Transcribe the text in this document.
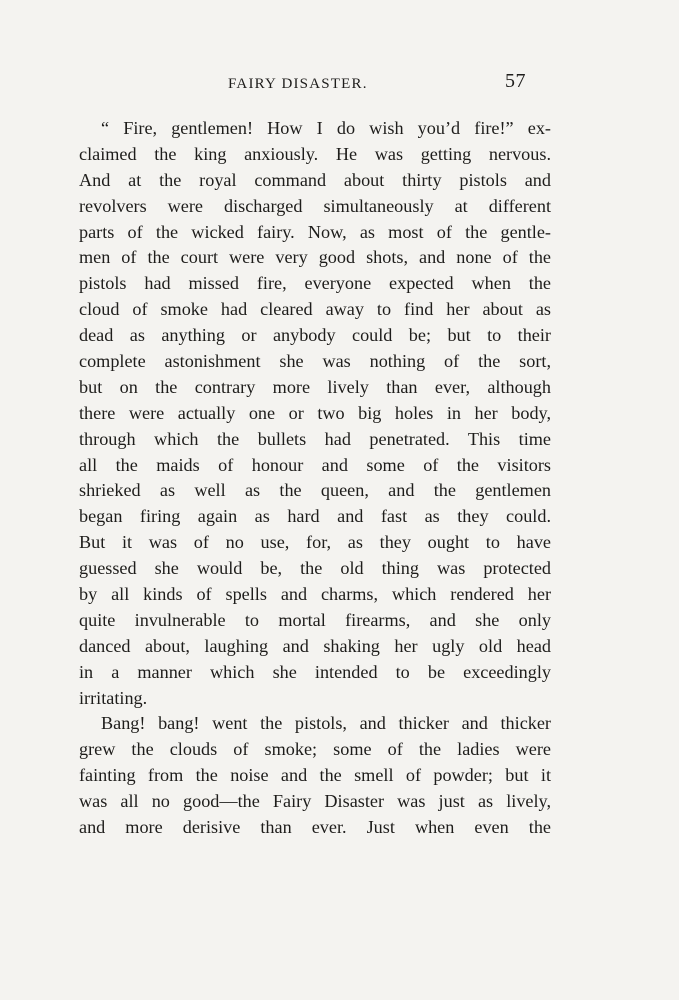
FAIRY DISASTER.	57
“ Fire, gentlemen! How I do wish you’d fire!” ex-
claimed the king anxiously. He was getting nervous.
And at the royal command about thirty pistols and
revolvers were discharged simultaneously at different
parts of the wicked fairy. Now, as most of the gentle-
men of the court were very good shots, and none of the
pistols had missed fire, everyone expected when the
cloud of smoke had cleared away to find her about as
dead as anything or anybody could be; but to their
complete astonishment she was nothing of the sort,
but on the contrary more lively than ever, although
there were actually one or two big holes in her body,
through which the bullets had penetrated. This time
all the maids of honour and some of the visitors
shrieked as well as the queen, and the gentlemen
began firing again as hard and fast as they could.
But it was of no use, for, as they ought to have
guessed she would be, the old thing was protected
by all kinds of spells and charms, which rendered her
quite invulnerable to mortal firearms, and she only
danced about, laughing and shaking her ugly old head
in a manner which she intended to be exceedingly
irritating.
Bang! bang! went the pistols, and thicker and thicker
grew the clouds of smoke; some of the ladies were
fainting from the noise and the smell of powder; but it
was all no good—the Fairy Disaster was just as lively,
and more derisive than ever. Just when even the
